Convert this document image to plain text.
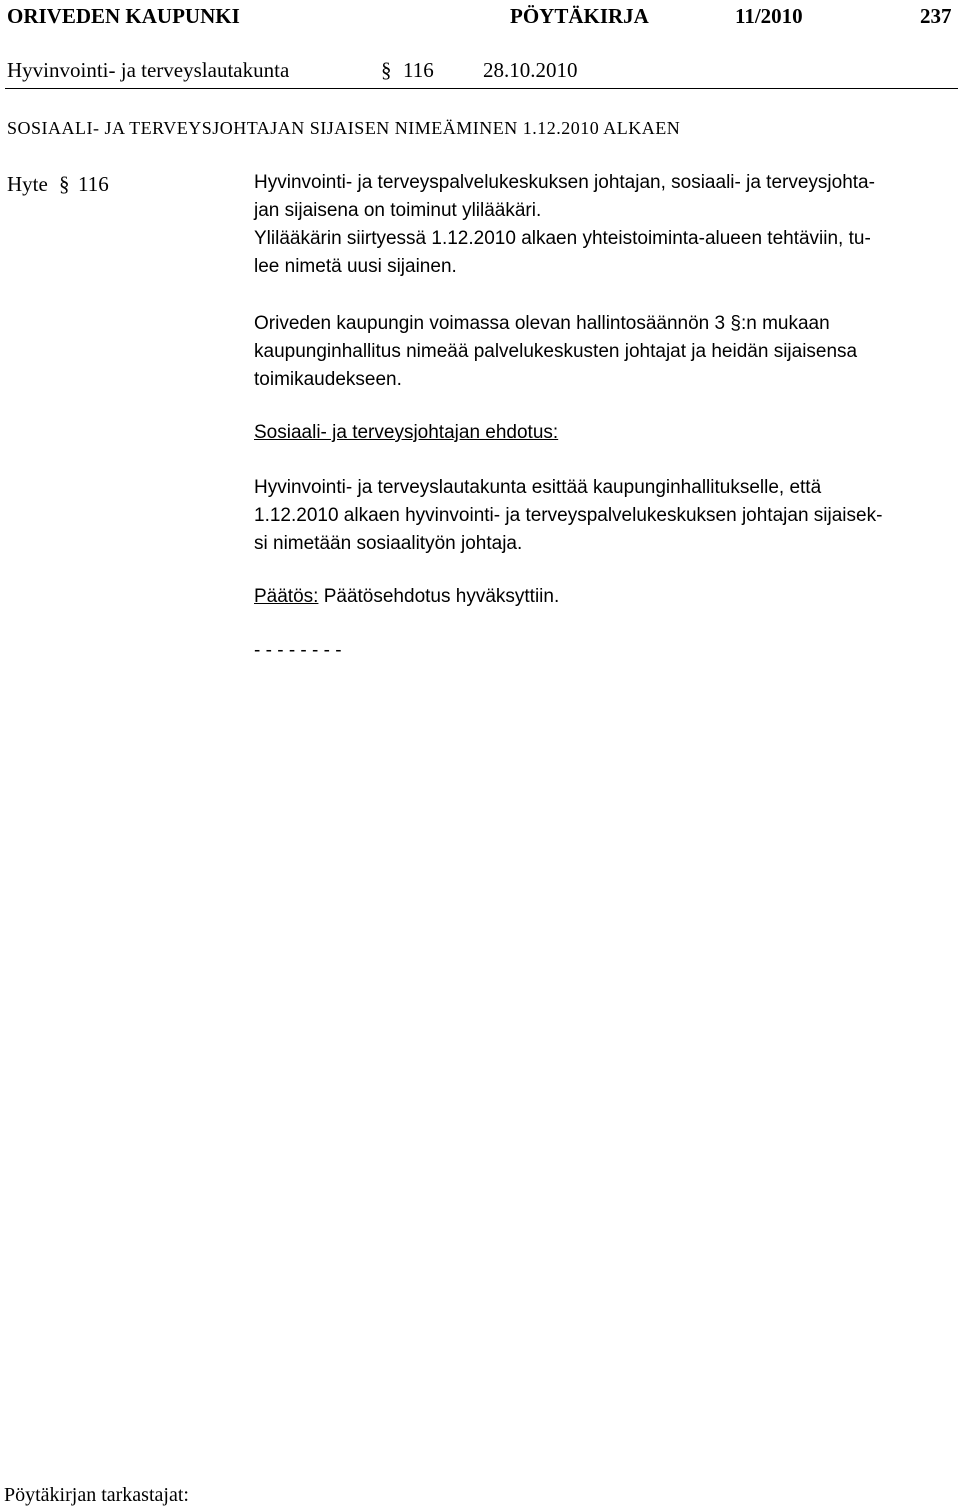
ORIVEDEN KAUPUNKI	PÖYTÄKIRJA	11/2010	237
Hyvinvointi- ja terveyslautakunta	§ 116 28.10.2010
SOSIAALI- JA TERVEYSJOHTAJAN SIJAISEN NIMEÄMINEN 1.12.2010 ALKAEN
Hyte § 116	Hyvinvointi- ja terveyspalvelukeskuksen johtajan, sosiaali- ja terveysjohta-
jan sijaisena on toiminut ylilääkäri.
Ylilääkärin siirtyessä 1.12.2010 alkaen yhteistoiminta-alueen tehtäviin, tu-
lee nimetä uusi sijainen.
Oriveden kaupungin voimassa olevan hallintosäännön 3 §:n mukaan
kaupunginhallitus nimeää palvelukeskusten johtajat ja heidän sijaisensa
toimikaudekseen.
Sosiaali- ja terveysjohtajan ehdotus:
Hyvinvointi- ja terveyslautakunta esittää kaupunginhallitukselle, että
1.12.2010 alkaen hyvinvointi- ja terveyspalvelukeskuksen johtajan sijaisek-
si nimetään sosiaalityön johtaja.
Päätös: Päätösehdotus hyväksyttiin.
- - - - - - - -
Pöytäkirjan tarkastajat:
